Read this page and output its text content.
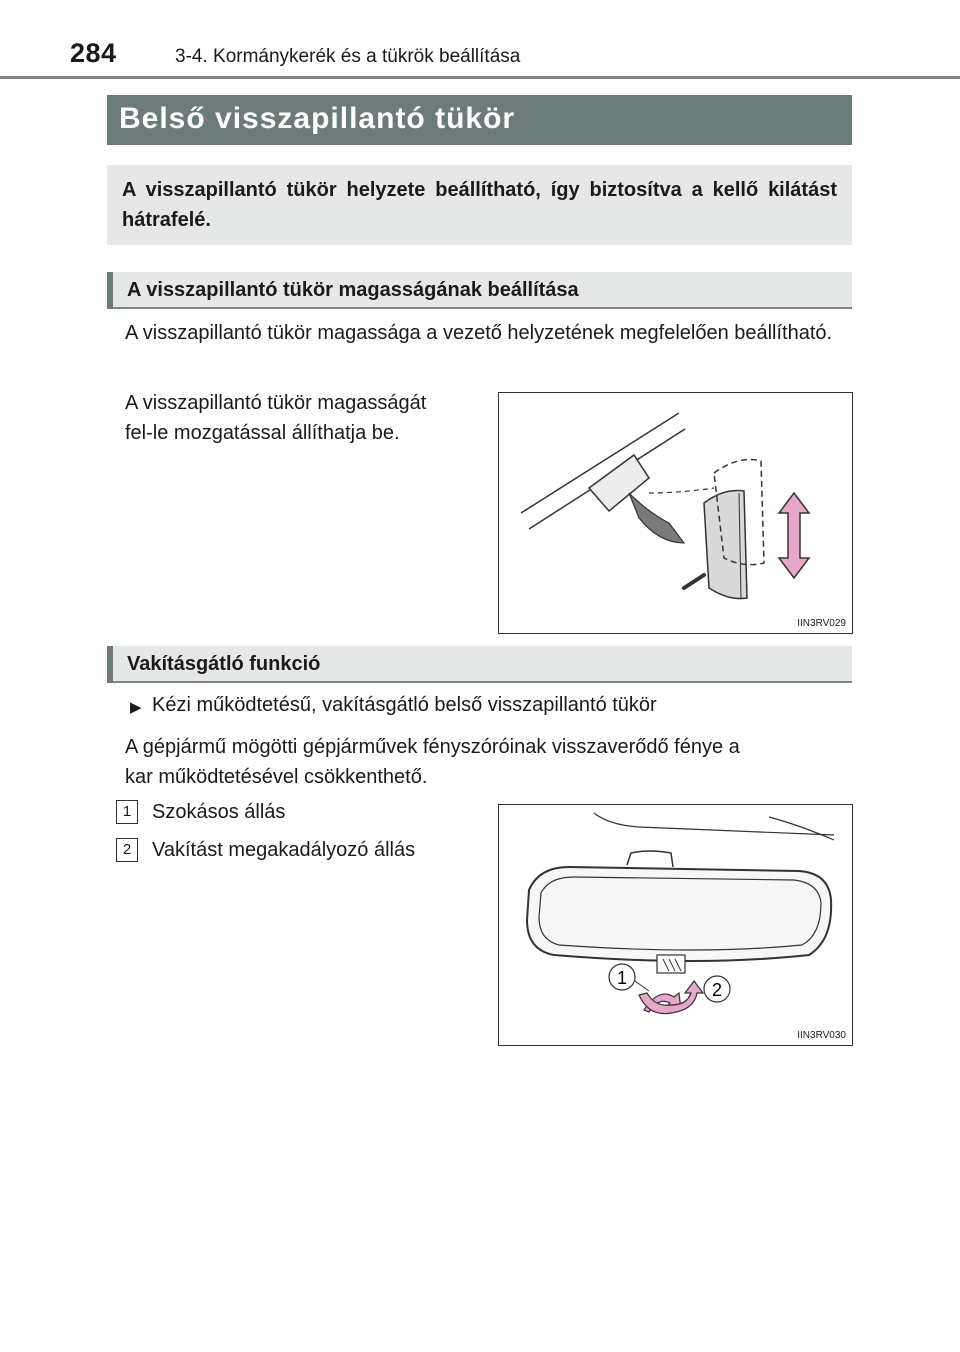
284	3-4. Kormánykerék és a tükrök beállítása
Belső visszapillantó tükör
A visszapillantó tükör helyzete beállítható, így biztosítva a kellő kilátást hátrafelé.
A visszapillantó tükör magasságának beállítása
A visszapillantó tükör magassága a vezető helyzetének megfelelően beállítható.
A visszapillantó tükör magasságát
fel-le mozgatással állíthatja be.
IIN3RV029
Vakításgátló funkció
▶ Kézi működtetésű, vakításgátló belső visszapillantó tükör
A gépjármű mögötti gépjárművek fényszóróinak visszaverődő fénye a
kar működtetésével csökkenthető.
1	Szokásos állás
2	Vakítást megakadályozó állás
1
2
IIN3RV030
